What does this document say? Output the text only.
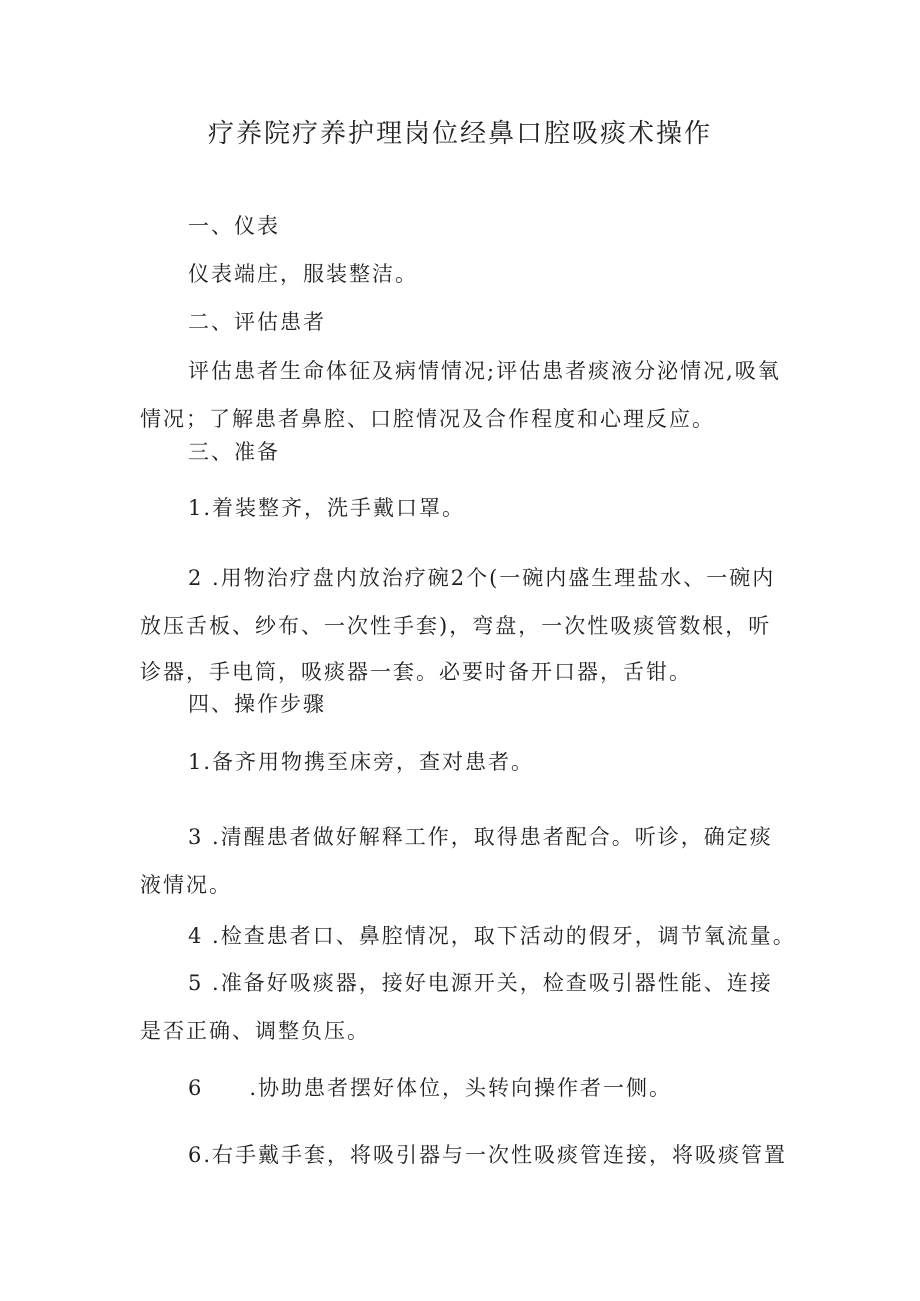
疗养院疗养护理岗位经鼻口腔吸痰术操作
一、仪表
仪表端庄，服装整洁。
二、评估患者
评估患者生命体征及病情情况;评估患者痰液分泌情况,吸氧
情况；了解患者鼻腔、口腔情况及合作程度和心理反应。
三、准备
1.着装整齐，洗手戴口罩。
2 .用物治疗盘内放治疗碗2个(一碗内盛生理盐水、一碗内
放压舌板、纱布、一次性手套)，弯盘，一次性吸痰管数根，听
诊器，手电筒，吸痰器一套。必要时备开口器，舌钳。
四、操作步骤
1.备齐用物携至床旁，查对患者。
3 .清醒患者做好解释工作，取得患者配合。听诊，确定痰
液情况。
4 .检查患者口、鼻腔情况，取下活动的假牙，调节氧流量。
5 .准备好吸痰器，接好电源开关，检查吸引器性能、连接
是否正确、调整负压。
6　　.协助患者摆好体位，头转向操作者一侧。
6.右手戴手套，将吸引器与一次性吸痰管连接，将吸痰管置
